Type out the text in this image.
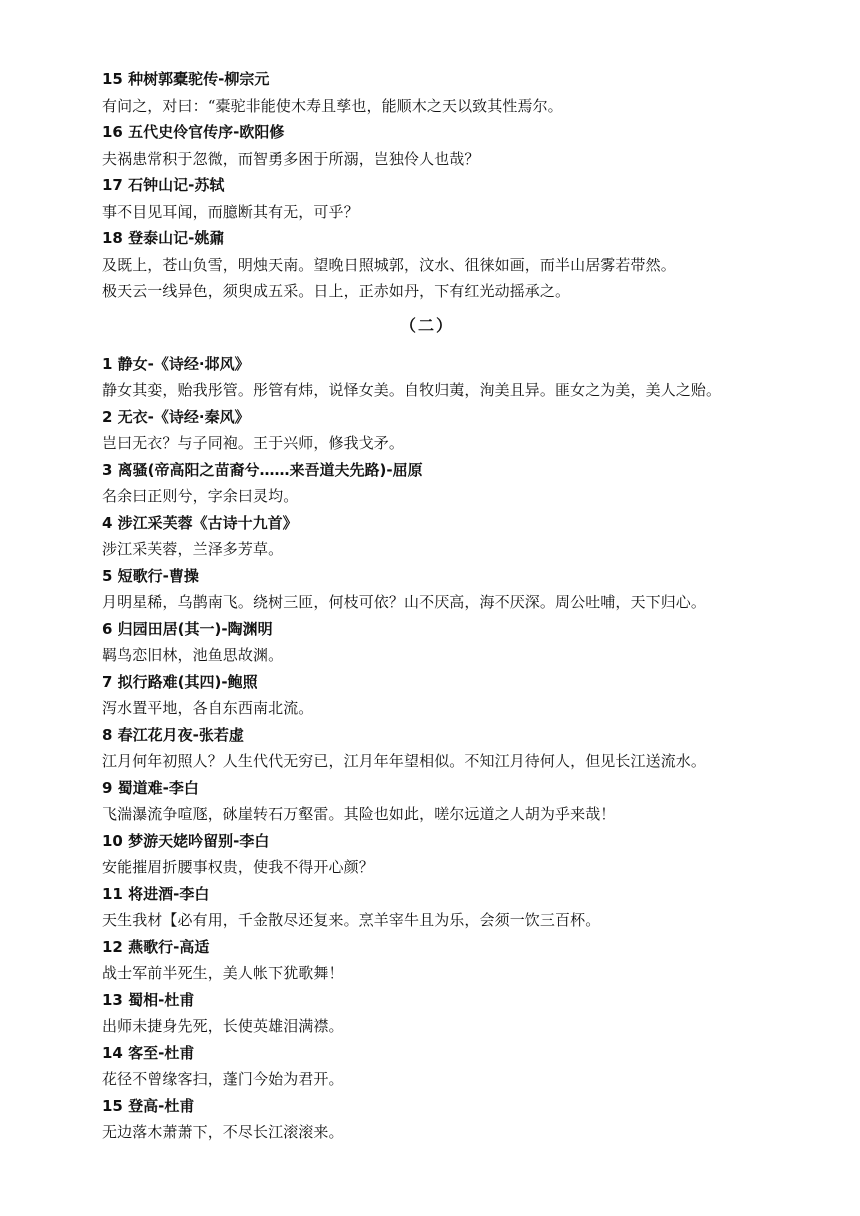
15 种树郭橐驼传-柳宗元
有问之，对曰：“橐驼非能使木寿且孳也，能顺木之天以致其性焉尔。
16 五代史伶官传序-欧阳修
夫祸患常积于忽微，而智勇多困于所溺，岂独伶人也哉？
17 石钟山记-苏轼
事不目见耳闻，而臆断其有无，可乎？
18 登泰山记-姚鼐
及既上，苍山负雪，明烛天南。望晚日照城郭，汶水、徂徕如画，而半山居雾若带然。
极天云一线异色，须臾成五采。日上，正赤如丹，下有红光动摇承之。
（二）
1 静女-《诗经·邶风》
静女其娈，贻我彤管。彤管有炜，说怿女美。自牧归荑，洵美且异。匪女之为美，美人之贻。
2 无衣-《诗经·秦风》
岂曰无衣？与子同袍。王于兴师，修我戈矛。
3 离骚(帝高阳之苗裔兮……来吾道夫先路)-屈原
名余曰正则兮，字余曰灵均。
4 涉江采芙蓉《古诗十九首》
涉江采芙蓉，兰泽多芳草。
5 短歌行-曹操
月明星稀，乌鹊南飞。绕树三匝，何枝可依？山不厌高，海不厌深。周公吐哺，天下归心。
6 归园田居(其一)-陶渊明
羁鸟恋旧林，池鱼思故渊。
7 拟行路难(其四)-鲍照
泻水置平地，各自东西南北流。
8 春江花月夜-张若虚
江月何年初照人？人生代代无穷已，江月年年望相似。不知江月待何人，但见长江送流水。
9 蜀道难-李白
飞湍瀑流争喧豗，砯崖转石万壑雷。其险也如此，嗟尔远道之人胡为乎来哉！
10 梦游天姥吟留别-李白
安能摧眉折腰事权贵，使我不得开心颜？
11 将进酒-李白
天生我材【必有用，千金散尽还复来。烹羊宰牛且为乐，会须一饮三百杯。
12 燕歌行-高适
战士军前半死生，美人帐下犹歌舞！
13 蜀相-杜甫
出师未捷身先死，长使英雄泪满襟。
14 客至-杜甫
花径不曾缘客扫，蓬门今始为君开。
15 登高-杜甫
无边落木萧萧下，不尽长江滚滚来。
